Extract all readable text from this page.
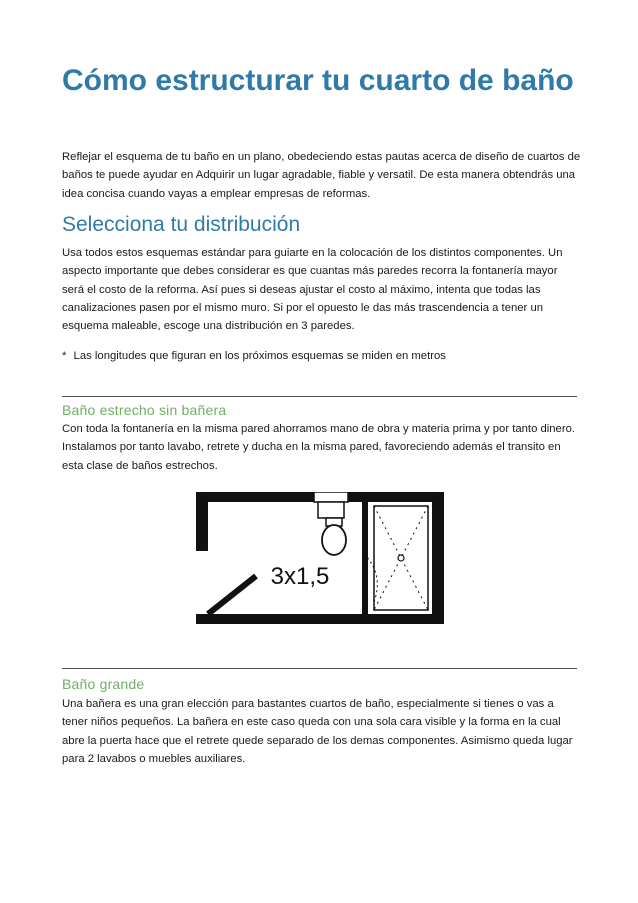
Cómo estructurar tu cuarto de baño

Reflejar el esquema de tu baño en un plano, obedeciendo estas pautas acerca de diseño de cuartos de baños te puede ayudar en Adquirir un lugar agradable, fiable y versatil. De esta manera obtendrás una idea concisa cuando vayas a emplear empresas de reformas.

Selecciona tu distribución

Usa todos estos esquemas estándar para guiarte en la colocación de los distintos componentes. Un aspecto importante que debes considerar es que cuantas más paredes recorra la fontanería mayor será el costo de la reforma. Así pues si deseas ajustar el costo al máximo, intenta que todas las canalizaciones pasen por el mismo muro. Si por el opuesto le das más trascendencia a tener un esquema maleable, escoge una distribución en 3 paredes.

* Las longitudes que figuran en los próximos esquemas se miden en metros
Baño estrecho sin bañera

Con toda la fontanería en la misma pared ahorramos mano de obra y materia prima y por tanto dinero. Instalamos por tanto lavabo, retrete y ducha en la misma pared, favoreciendo además el transito en esta clase de baños estrechos.

3x1,5
Baño grande

Una bañera es una gran elección para bastantes cuartos de baño, especialmente si tienes o vas a tener niños pequeños. La bañera en este caso queda con una sola cara visible y la forma en la cual abre la puerta hace que el retrete quede separado de los demas componentes. Asimismo queda lugar para 2 lavabos o muebles auxiliares.
